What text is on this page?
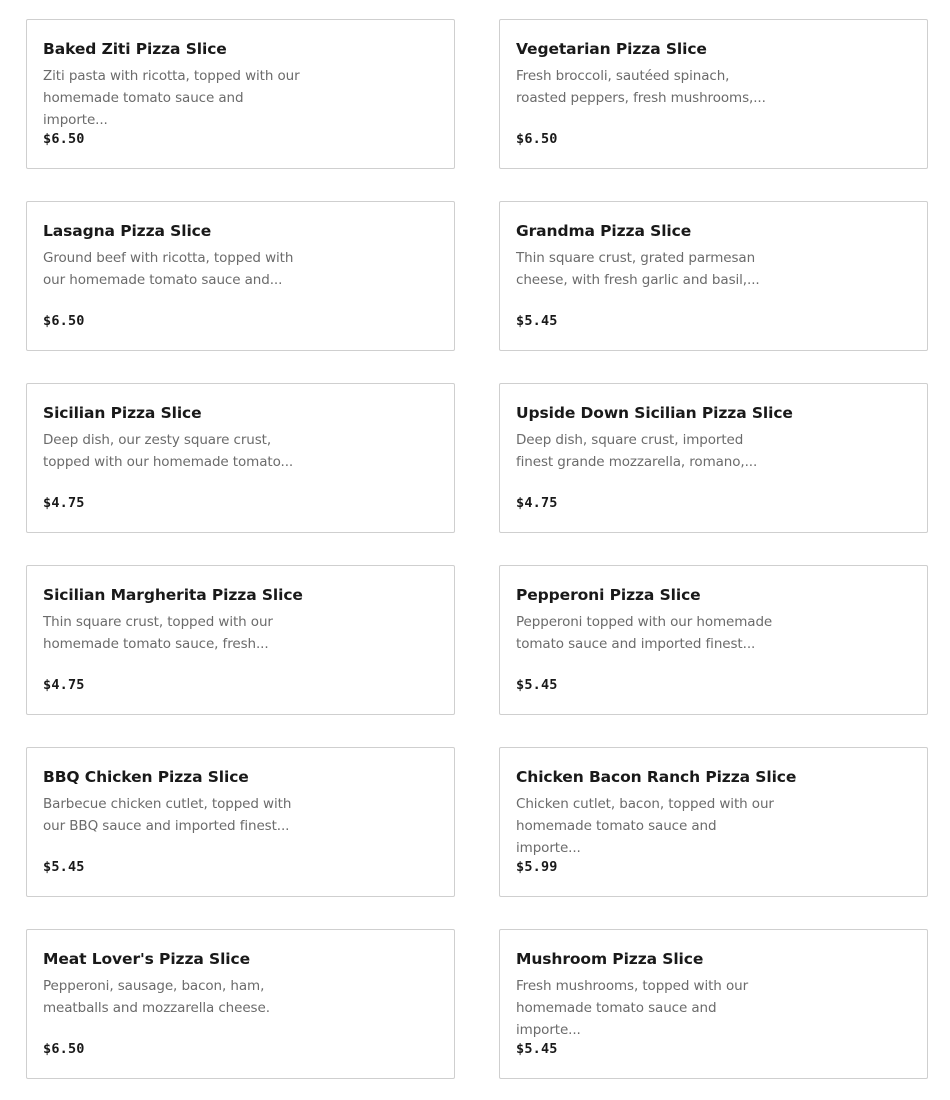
Baked Ziti Pizza Slice
Ziti pasta with ricotta, topped with our
homemade tomato sauce and importe...
$6.50
Vegetarian Pizza Slice
Fresh broccoli, sautéed spinach,
roasted peppers, fresh mushrooms,...
$6.50
Lasagna Pizza Slice
Ground beef with ricotta, topped with
our homemade tomato sauce and...
$6.50
Grandma Pizza Slice
Thin square crust, grated parmesan
cheese, with fresh garlic and basil,...
$5.45
Sicilian Pizza Slice
Deep dish, our zesty square crust,
topped with our homemade tomato...
$4.75
Upside Down Sicilian Pizza Slice
Deep dish, square crust, imported
finest grande mozzarella, romano,...
$4.75
Sicilian Margherita Pizza Slice
Thin square crust, topped with our
homemade tomato sauce, fresh...
$4.75
Pepperoni Pizza Slice
Pepperoni topped with our homemade
tomato sauce and imported finest...
$5.45
BBQ Chicken Pizza Slice
Barbecue chicken cutlet, topped with
our BBQ sauce and imported finest...
$5.45
Chicken Bacon Ranch Pizza Slice
Chicken cutlet, bacon, topped with our
homemade tomato sauce and importe...
$5.99
Meat Lover's Pizza Slice
Pepperoni, sausage, bacon, ham,
meatballs and mozzarella cheese.
$6.50
Mushroom Pizza Slice
Fresh mushrooms, topped with our
homemade tomato sauce and importe...
$5.45
